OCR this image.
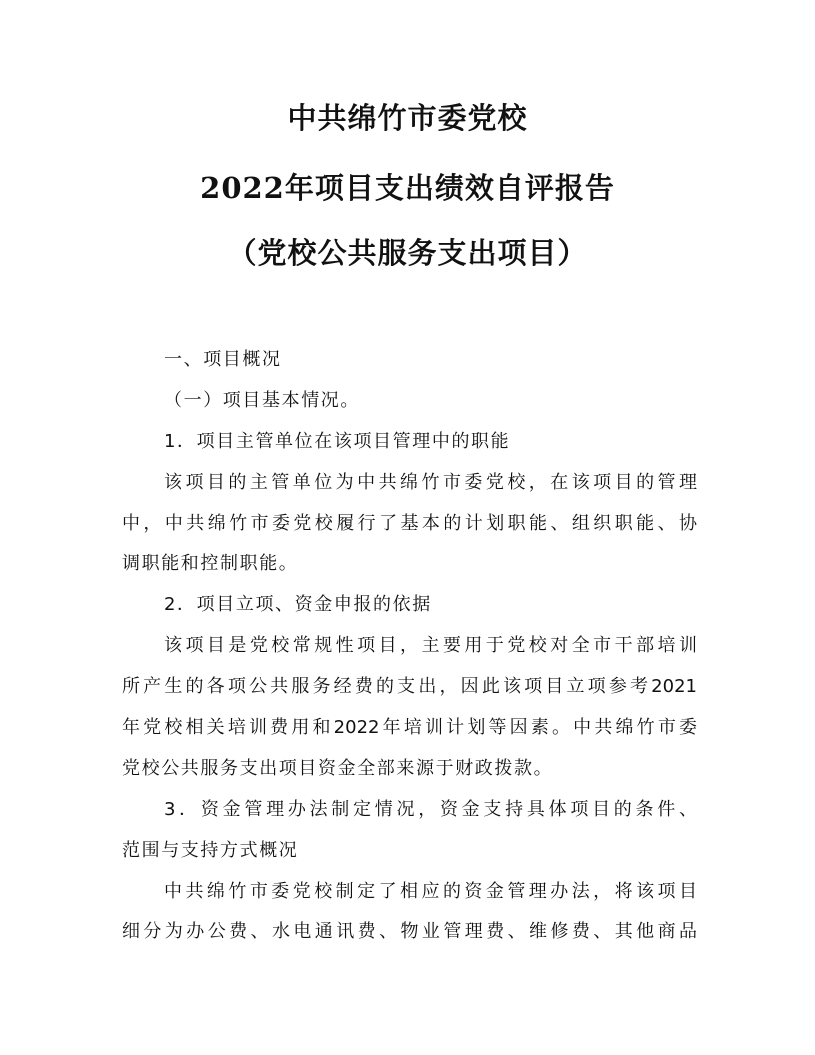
中共绵竹市委党校
2022年项目支出绩效自评报告
（党校公共服务支出项目）

一、项目概况

（一）项目基本情况。

1．项目主管单位在该项目管理中的职能

该项目的主管单位为中共绵竹市委党校，在该项目的管理

中，中共绵竹市委党校履行了基本的计划职能、组织职能、协

调职能和控制职能。

2．项目立项、资金申报的依据

该项目是党校常规性项目，主要用于党校对全市干部培训

所产生的各项公共服务经费的支出，因此该项目立项参考2021

年党校相关培训费用和2022年培训计划等因素。中共绵竹市委

党校公共服务支出项目资金全部来源于财政拨款。

3．资金管理办法制定情况，资金支持具体项目的条件、

范围与支持方式概况

中共绵竹市委党校制定了相应的资金管理办法，将该项目

细分为办公费、水电通讯费、物业管理费、维修费、其他商品
